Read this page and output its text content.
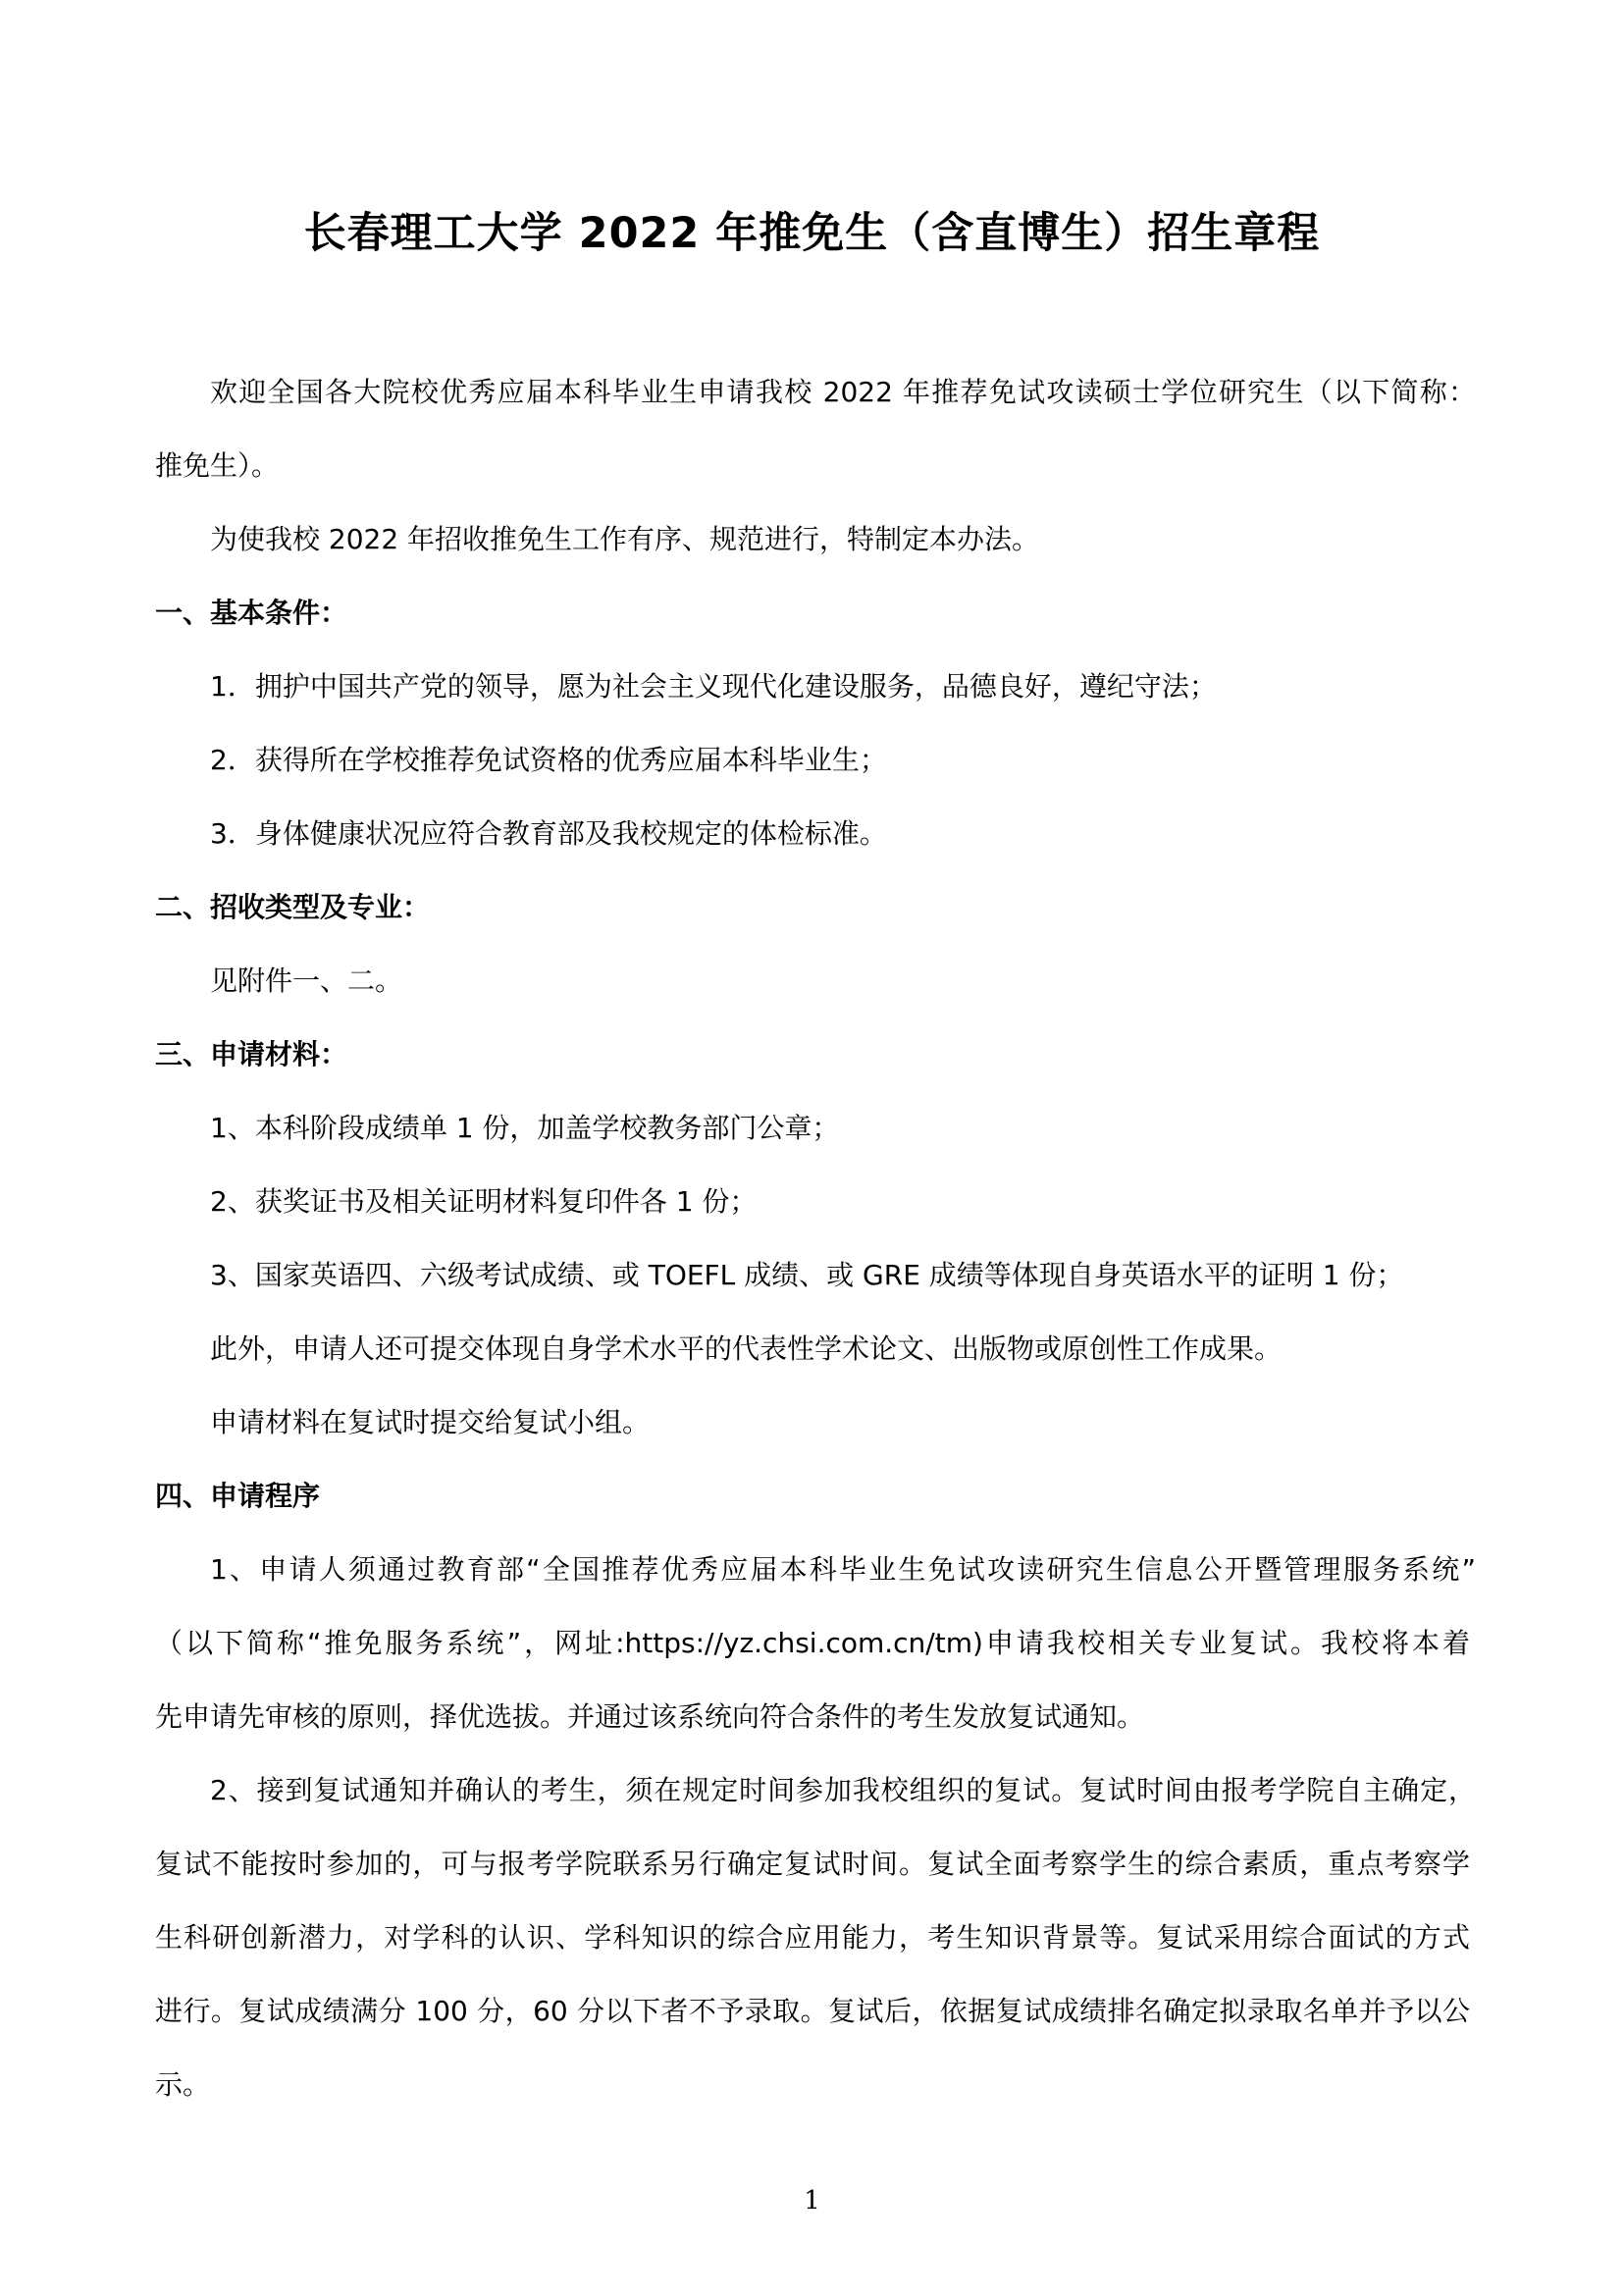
长春理工大学 2022 年推免生（含直博生）招生章程
欢迎全国各大院校优秀应届本科毕业生申请我校 2022 年推荐免试攻读硕士学位研究生（以下简称：
推免生）。
为使我校 2022 年招收推免生工作有序、规范进行，特制定本办法。
一、基本条件：
1．拥护中国共产党的领导，愿为社会主义现代化建设服务，品德良好，遵纪守法；
2．获得所在学校推荐免试资格的优秀应届本科毕业生；
3．身体健康状况应符合教育部及我校规定的体检标准。
二、招收类型及专业：
见附件一、二。
三、申请材料：
1、本科阶段成绩单 1 份，加盖学校教务部门公章；
2、获奖证书及相关证明材料复印件各 1 份；
3、国家英语四、六级考试成绩、或 TOEFL 成绩、或 GRE 成绩等体现自身英语水平的证明 1 份；
此外，申请人还可提交体现自身学术水平的代表性学术论文、出版物或原创性工作成果。
申请材料在复试时提交给复试小组。
四、申请程序
1、申请人须通过教育部“全国推荐优秀应届本科毕业生免试攻读研究生信息公开暨管理服务系统”
（以下简称“推免服务系统”，网址:https://yz.chsi.com.cn/tm)申请我校相关专业复试。我校将本着
先申请先审核的原则，择优选拔。并通过该系统向符合条件的考生发放复试通知。
2、接到复试通知并确认的考生，须在规定时间参加我校组织的复试。复试时间由报考学院自主确定，
复试不能按时参加的，可与报考学院联系另行确定复试时间。复试全面考察学生的综合素质，重点考察学
生科研创新潜力，对学科的认识、学科知识的综合应用能力，考生知识背景等。复试采用综合面试的方式
进行。复试成绩满分 100 分，60 分以下者不予录取。复试后，依据复试成绩排名确定拟录取名单并予以公
示。
1
